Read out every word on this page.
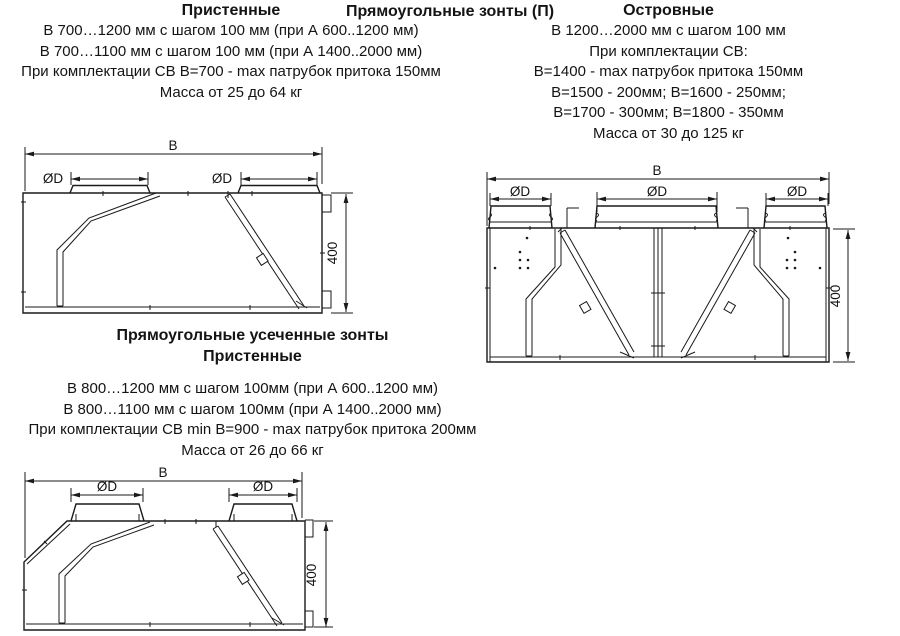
Прямоугольные зонты (П)
Пристенные
В 700…1200 мм с шагом 100 мм (при А 600..1200 мм)
В 700…1100 мм с шагом 100 мм (при А 1400..2000 мм)
При комплектации СВ В=700 - max патрубок притока 150мм
Масса от 25 до 64 кг
Островные
В 1200…2000 мм с шагом 100 мм
При комплектации СВ:
В=1400 - max патрубок притока 150мм
В=1500 - 200мм; В=1600 - 250мм;
В=1700 - 300мм; В=1800 - 350мм
Масса от 30 до 125 кг
Прямоугольные усеченные зонты
Пристенные
В 800…1200 мм с шагом 100мм (при А 600..1200 мм)
В 800…1100 мм с шагом 100мм (при А 1400..2000 мм)
При комплектации СВ min В=900 - max патрубок притока 200мм
Масса от 26 до 66 кг
В
ØD	ØD
400
В
ØD	ØD	ØD
400
В
ØD	ØD
400
